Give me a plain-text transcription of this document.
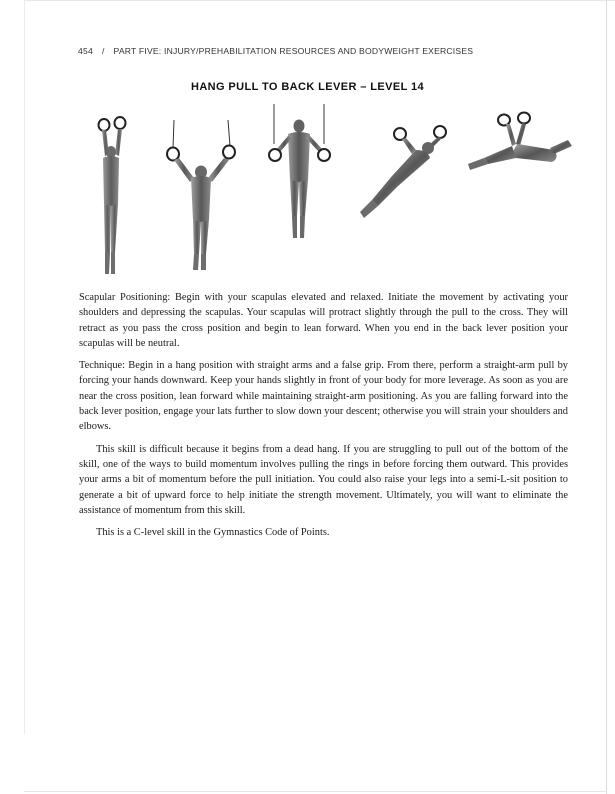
454 / PART FIVE: INJURY/PREHABILITATION RESOURCES AND BODYWEIGHT EXERCISES
HANG PULL TO BACK LEVER – LEVEL 14

Scapular Positioning: Begin with your scapulas elevated and relaxed. Initiate the movement by activating your shoulders and depressing the scapulas. Your scapulas will protract slightly through the pull to the cross. They will retract as you pass the cross position and begin to lean forward. When you end in the back lever position your scapulas will be neutral.

Technique: Begin in a hang position with straight arms and a false grip. From there, perform a straight-arm pull by forcing your hands downward. Keep your hands slightly in front of your body for more leverage. As soon as you are near the cross position, lean forward while maintaining straight-arm positioning. As you are falling forward into the back lever position, engage your lats further to slow down your descent; otherwise you will strain your shoulders and elbows.

This skill is difficult because it begins from a dead hang. If you are struggling to pull out of the bottom of the skill, one of the ways to build momentum involves pulling the rings in before forcing them outward. This provides your arms a bit of momentum before the pull initiation. You could also raise your legs into a semi-L-sit position to generate a bit of upward force to help initiate the strength movement. Ultimately, you will want to eliminate the assistance of momentum from this skill.

This is a C-level skill in the Gymnastics Code of Points.
